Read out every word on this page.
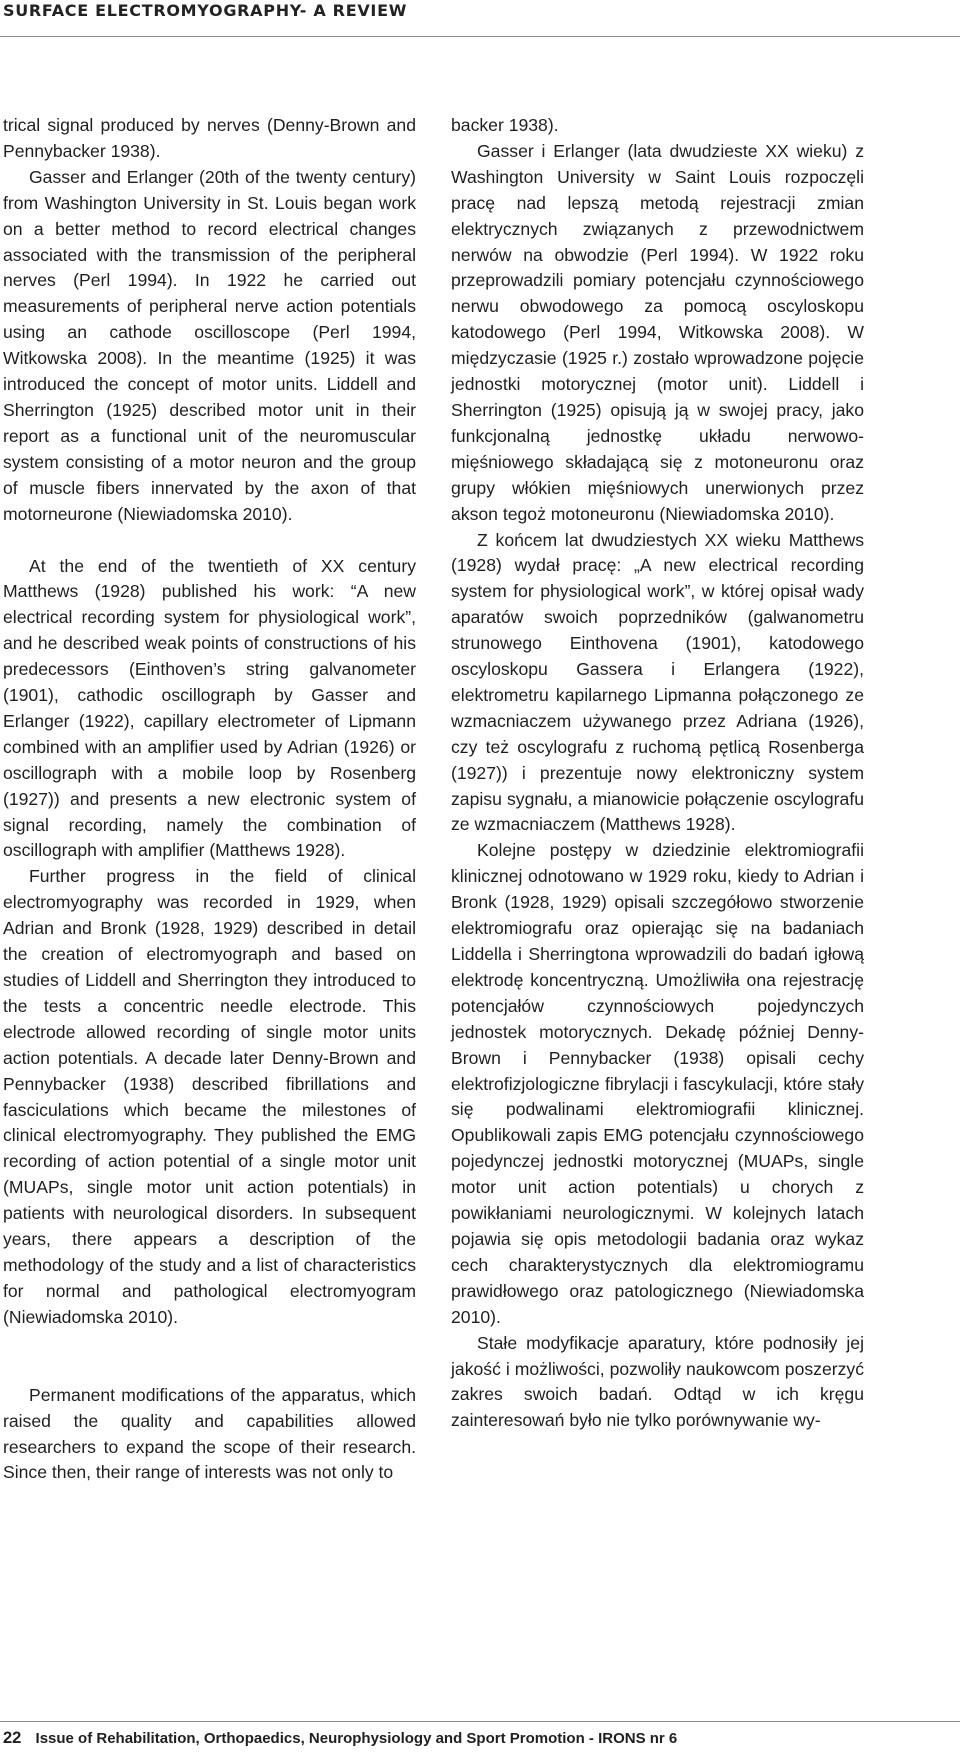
SURFACE ELECTROMYOGRAPHY- A REVIEW

trical signal produced by nerves (Denny-Brown and Pennybacker 1938).

Gasser and Erlanger (20th of the twenty century) from Washington University in St. Louis began work on a better method to record electrical changes associated with the transmission of the peripheral nerves (Perl 1994). In 1922 he carried out measurements of peripheral nerve action potentials using an cathode oscilloscope (Perl 1994, Witkowska 2008). In the meantime (1925) it was introduced the concept of motor units. Liddell and Sherrington (1925) described motor unit in their report as a functional unit of the neuromuscular system consisting of a motor neuron and the group of muscle fibers innervated by the axon of that motorneurone (Niewiadomska 2010).

At the end of the twentieth of XX century Matthews (1928) published his work: “A new electrical recording system for physiological work”, and he described weak points of constructions of his predecessors (Einthoven’s string galvanometer (1901), cathodic oscillograph by Gasser and Erlanger (1922), capillary electrometer of Lipmann combined with an amplifier used by Adrian (1926) or oscillograph with a mobile loop by Rosenberg (1927)) and presents a new electronic system of signal recording, namely the combination of oscillograph with amplifier (Matthews 1928).

Further progress in the field of clinical electromyography was recorded in 1929, when Adrian and Bronk (1928, 1929) described in detail the creation of electromyograph and based on studies of Liddell and Sherrington they introduced to the tests a concentric needle electrode. This electrode allowed recording of single motor units action potentials. A decade later Denny-Brown and Pennybacker (1938) described fibrillations and fasciculations which became the milestones of clinical electromyography. They published the EMG recording of action potential of a single motor unit (MUAPs, single motor unit action potentials) in patients with neurological disorders. In subsequent years, there appears a description of the methodology of the study and a list of characteristics for normal and pathological electromyogram (Niewiadomska 2010).

Permanent modifications of the apparatus, which raised the quality and capabilities allowed researchers to expand the scope of their research. Since then, their range of interests was not only to

backer 1938).

Gasser i Erlanger (lata dwudzieste XX wieku) z Washington University w Saint Louis rozpoczęli pracę nad lepszą metodą rejestracji zmian elektrycznych związanych z przewodnictwem nerwów na obwodzie (Perl 1994). W 1922 roku przeprowadzili pomiary potencjału czynnościowego nerwu obwodowego za pomocą oscyloskopu katodowego (Perl 1994, Witkowska 2008). W międzyczasie (1925 r.) zostało wprowadzone pojęcie jednostki motorycznej (motor unit). Liddell i Sherrington (1925) opisują ją w swojej pracy, jako funkcjonalną jednostkę układu nerwowo-mięśniowego składającą się z motoneuronu oraz grupy włókien mięśniowych unerwionych przez akson tegoż motoneuronu (Niewiadomska 2010).

Z końcem lat dwudziestych XX wieku Matthews (1928) wydał pracę: „A new electrical recording system for physiological work”, w której opisał wady aparatów swoich poprzedników (galwanometru strunowego Einthovena (1901), katodowego oscyloskopu Gassera i Erlangera (1922), elektrometru kapilarnego Lipmanna połączonego ze wzmacniaczem używanego przez Adriana (1926), czy też oscylografu z ruchomą pętlicą Rosenberga (1927)) i prezentuje nowy elektroniczny system zapisu sygnału, a mianowicie połączenie oscylografu ze wzmacniaczem (Matthews 1928).

Kolejne postępy w dziedzinie elektromiografii klinicznej odnotowano w 1929 roku, kiedy to Adrian i Bronk (1928, 1929) opisali szczegółowo stworzenie elektromiografu oraz opierając się na badaniach Liddella i Sherringtona wprowadzili do badań igłową elektrodę koncentryczną. Umożliwiła ona rejestrację potencjałów czynnościowych pojedynczych jednostek motorycznych. Dekadę później Denny-Brown i Pennybacker (1938) opisali cechy elektrofizjologiczne fibrylacji i fascykulacji, które stały się podwalinami elektromiografii klinicznej. Opublikowali zapis EMG potencjału czynnościowego pojedynczej jednostki motorycznej (MUAPs, single motor unit action potentials) u chorych z powikłaniami neurologicznymi. W kolejnych latach pojawia się opis metodologii badania oraz wykaz cech charakterystycznych dla elektromiogramu prawidłowego oraz patologicznego (Niewiadomska 2010).

Stałe modyfikacje aparatury, które podnosiły jej jakość i możliwości, pozwoliły naukowcom poszerzyć zakres swoich badań. Odtąd w ich kręgu zainteresowań było nie tylko porównywanie wy-

22 Issue of Rehabilitation, Orthopaedics, Neurophysiology and Sport Promotion - IRONS nr 6
